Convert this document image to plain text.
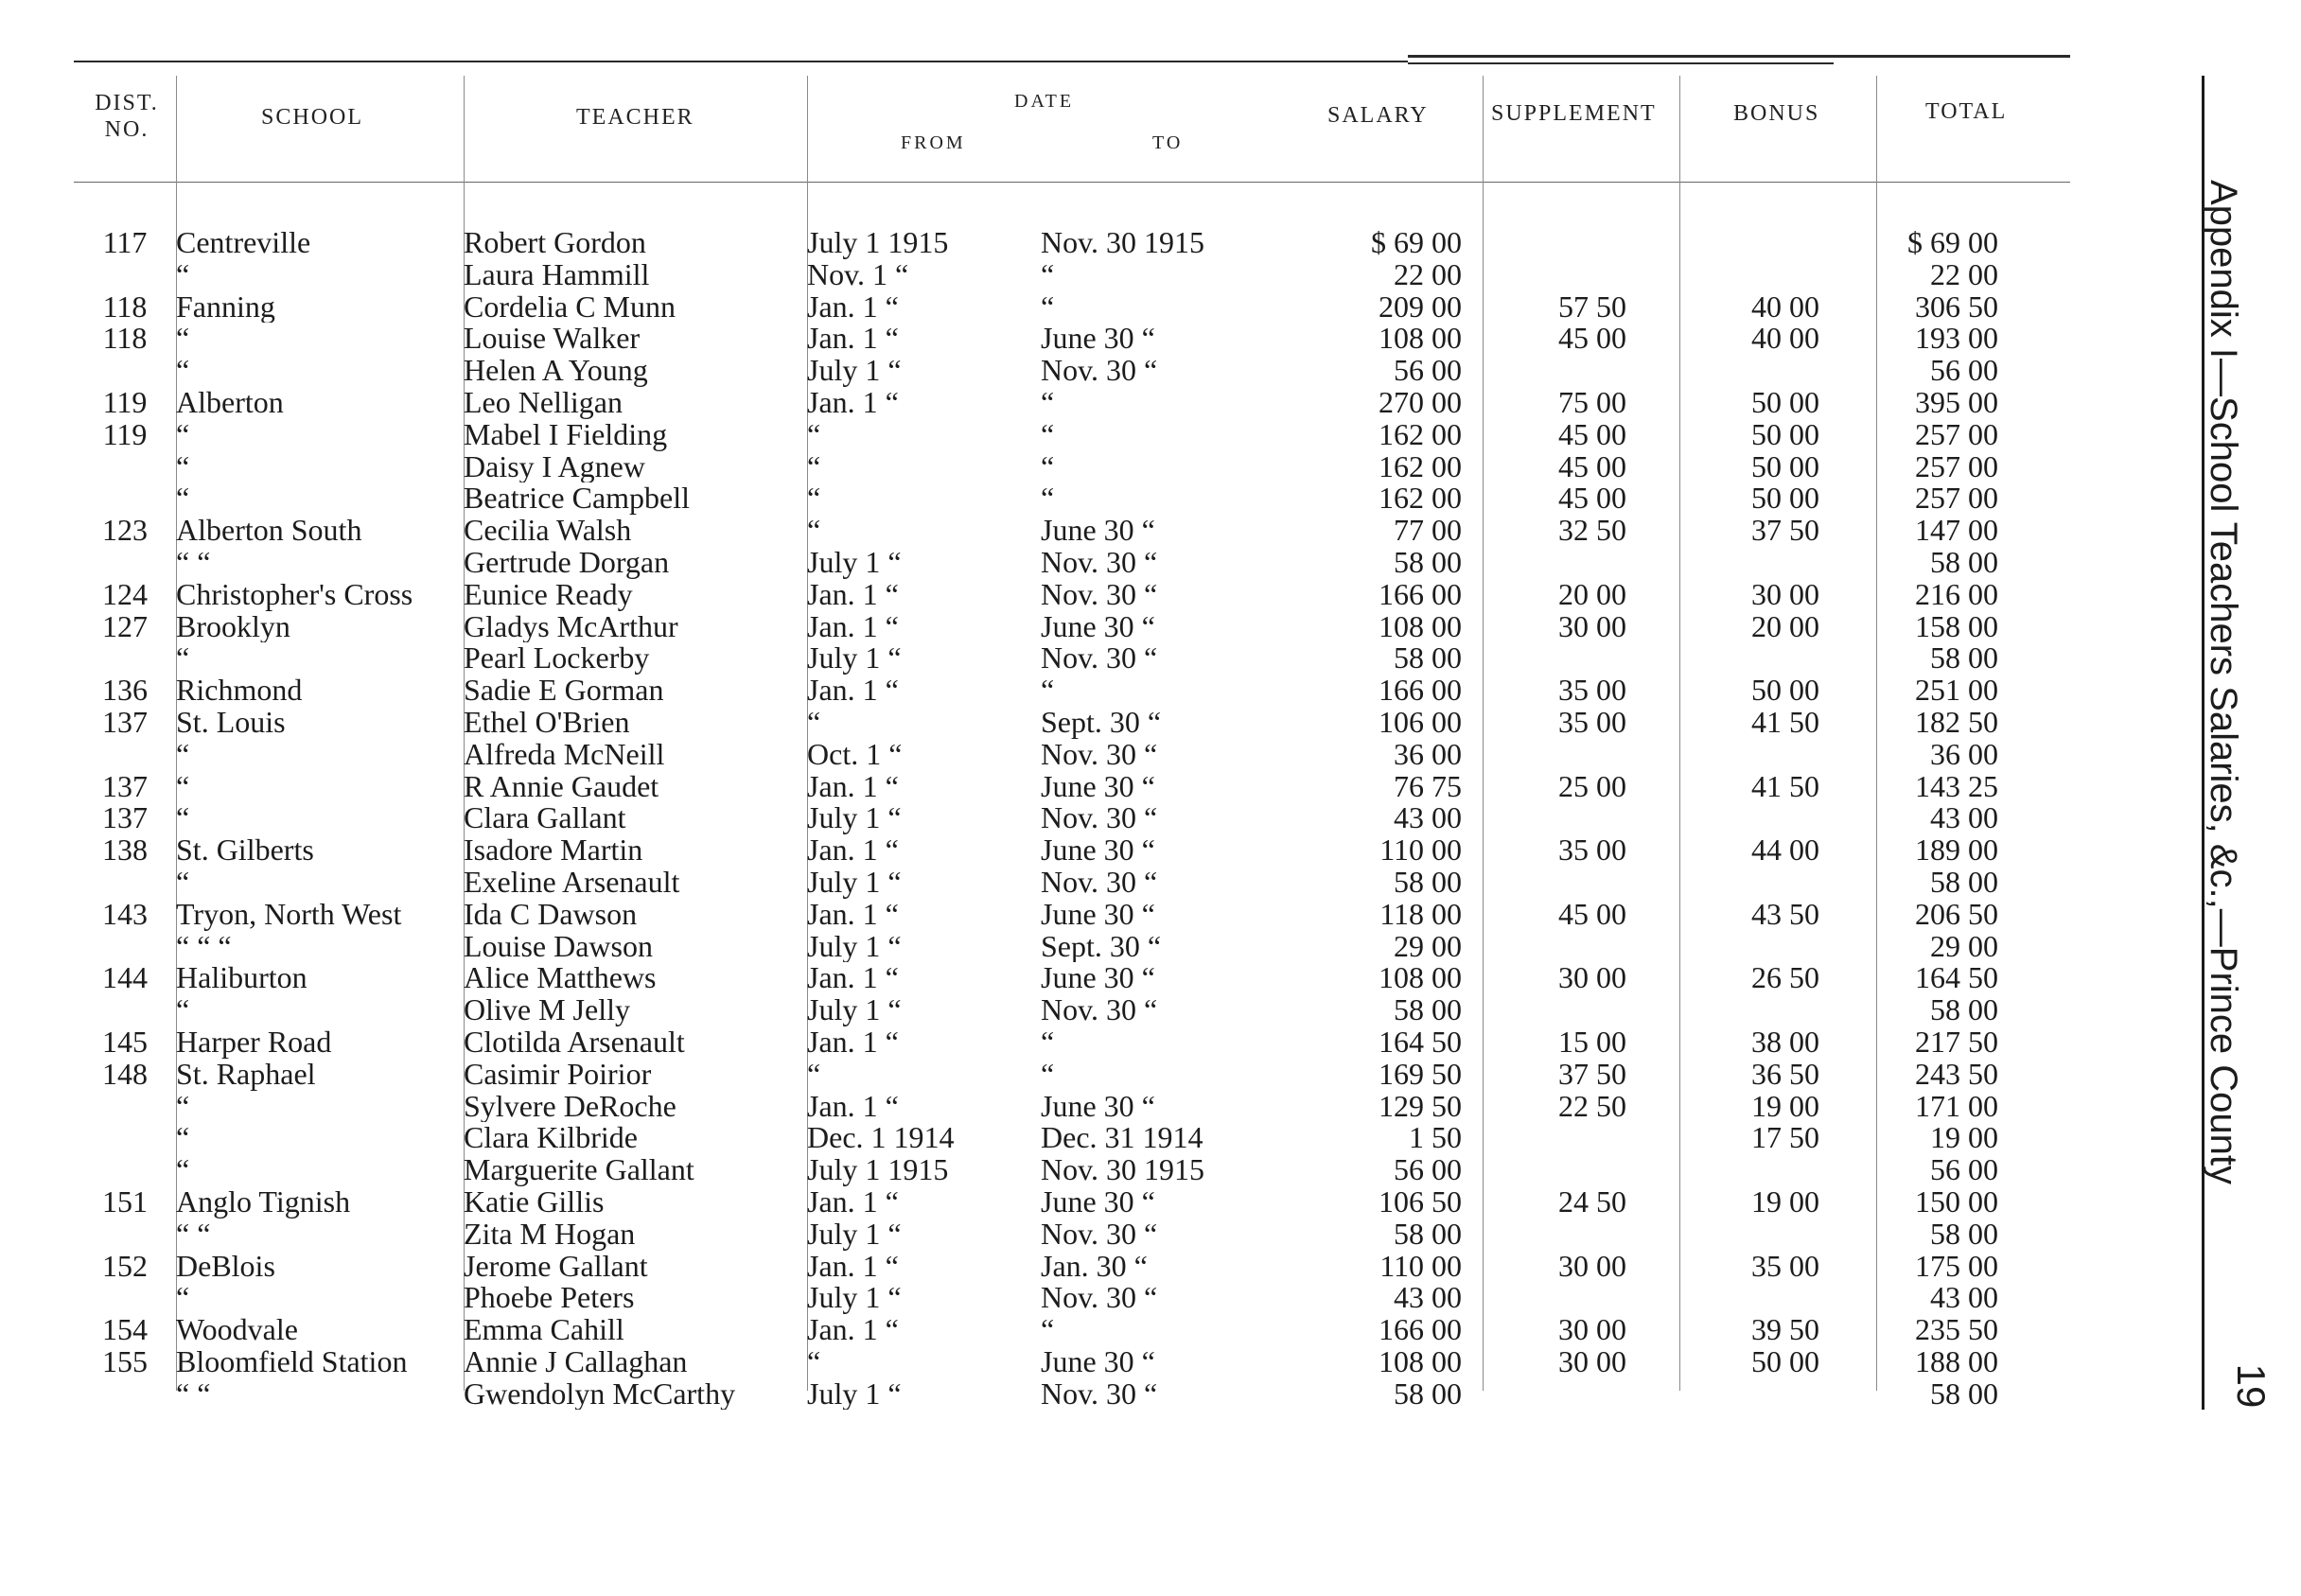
DIST. NO.	SCHOOL	TEACHER
DATE
FROM	TO
SALARY	SUPPLEMENT	BONUS	TOTAL
117	Centreville	Robert Gordon	July 1 1915	Nov. 30 1915	$ 69 00			$ 69 00
	“	Laura Hammill	Nov. 1 “	“	22 00			22 00
118	Fanning	Cordelia C Munn	Jan. 1 “	“	209 00	57 50	40 00	306 50
118	“	Louise Walker	Jan. 1 “	June 30 “	108 00	45 00	40 00	193 00
	“	Helen A Young	July 1 “	Nov. 30 “	56 00			56 00
119	Alberton	Leo Nelligan	Jan. 1 “	“	270 00	75 00	50 00	395 00
119	“	Mabel I Fielding	“	“	162 00	45 00	50 00	257 00
	“	Daisy I Agnew	“	“	162 00	45 00	50 00	257 00
	“	Beatrice Campbell	“	“	162 00	45 00	50 00	257 00
123	Alberton South	Cecilia Walsh	“	June 30 “	77 00	32 50	37 50	147 00
	“ “	Gertrude Dorgan	July 1 “	Nov. 30 “	58 00			58 00
124	Christopher's Cross	Eunice Ready	Jan. 1 “	Nov. 30 “	166 00	20 00	30 00	216 00
127	Brooklyn	Gladys McArthur	Jan. 1 “	June 30 “	108 00	30 00	20 00	158 00
	“	Pearl Lockerby	July 1 “	Nov. 30 “	58 00			58 00
136	Richmond	Sadie E Gorman	Jan. 1 “	“	166 00	35 00	50 00	251 00
137	St. Louis	Ethel O'Brien	“	Sept. 30 “	106 00	35 00	41 50	182 50
	“	Alfreda McNeill	Oct. 1 “	Nov. 30 “	36 00			36 00
137	“	R Annie Gaudet	Jan. 1 “	June 30 “	76 75	25 00	41 50	143 25
137	“	Clara Gallant	July 1 “	Nov. 30 “	43 00			43 00
138	St. Gilberts	Isadore Martin	Jan. 1 “	June 30 “	110 00	35 00	44 00	189 00
	“	Exeline Arsenault	July 1 “	Nov. 30 “	58 00			58 00
143	Tryon, North West	Ida C Dawson	Jan. 1 “	June 30 “	118 00	45 00	43 50	206 50
	“ “ “	Louise Dawson	July 1 “	Sept. 30 “	29 00			29 00
144	Haliburton	Alice Matthews	Jan. 1 “	June 30 “	108 00	30 00	26 50	164 50
	“	Olive M Jelly	July 1 “	Nov. 30 “	58 00			58 00
145	Harper Road	Clotilda Arsenault	Jan. 1 “	“	164 50	15 00	38 00	217 50
148	St. Raphael	Casimir Poirior	“	“	169 50	37 50	36 50	243 50
	“	Sylvere DeRoche	Jan. 1 “	June 30 “	129 50	22 50	19 00	171 00
	“	Clara Kilbride	Dec. 1 1914	Dec. 31 1914	1 50		17 50	19 00
	“	Marguerite Gallant	July 1 1915	Nov. 30 1915	56 00			56 00
151	Anglo Tignish	Katie Gillis	Jan. 1 “	June 30 “	106 50	24 50	19 00	150 00
	“ “	Zita M Hogan	July 1 “	Nov. 30 “	58 00			58 00
152	DeBlois	Jerome Gallant	Jan. 1 “	Jan. 30 “	110 00	30 00	35 00	175 00
	“	Phoebe Peters	July 1 “	Nov. 30 “	43 00			43 00
154	Woodvale	Emma Cahill	Jan. 1 “	“	166 00	30 00	39 50	235 50
155	Bloomfield Station	Annie J Callaghan	“	June 30 “	108 00	30 00	50 00	188 00
	“ “	Gwendolyn McCarthy	July 1 “	Nov. 30 “	58 00			58 00
Appendix I—School Teachers Salaries, &c.,—Prince County
19
